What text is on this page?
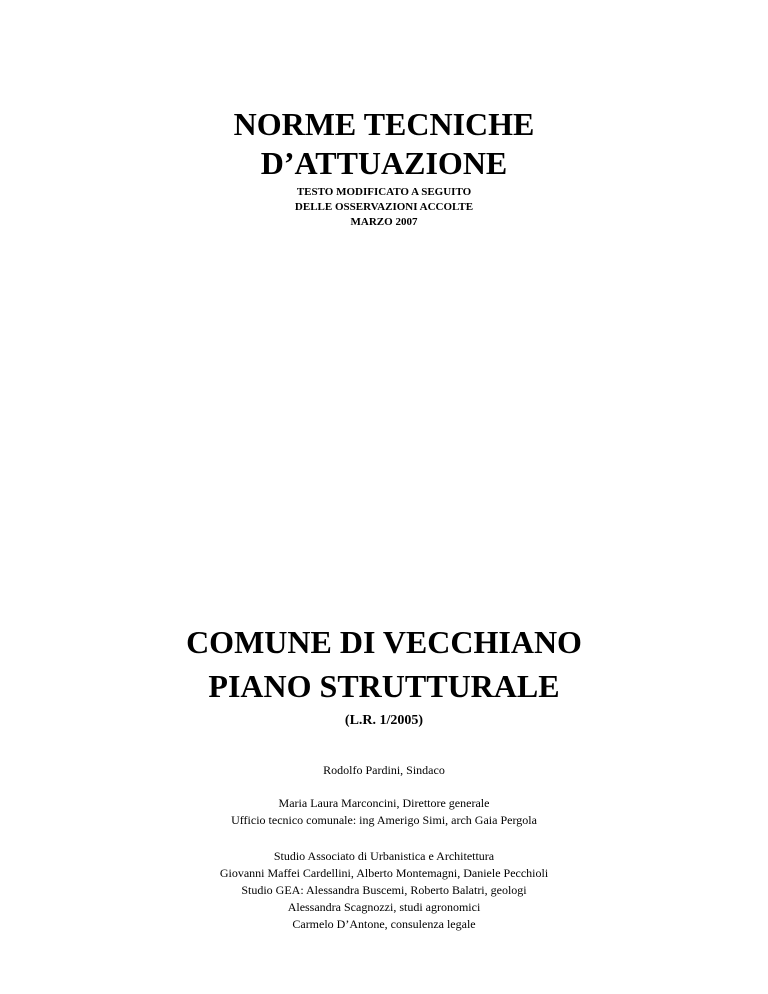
NORME TECNICHE
D’ATTUAZIONE
TESTO MODIFICATO A SEGUITO
DELLE OSSERVAZIONI ACCOLTE
MARZO 2007
COMUNE DI VECCHIANO
PIANO STRUTTURALE
(L.R. 1/2005)
Rodolfo Pardini, Sindaco
Maria Laura Marconcini, Direttore generale
Ufficio tecnico comunale: ing Amerigo Simi, arch Gaia Pergola
Studio Associato di Urbanistica e Architettura
Giovanni Maffei Cardellini, Alberto Montemagni, Daniele Pecchioli
Studio GEA: Alessandra Buscemi, Roberto Balatri, geologi
Alessandra Scagnozzi, studi agronomici
Carmelo D’Antone, consulenza legale
